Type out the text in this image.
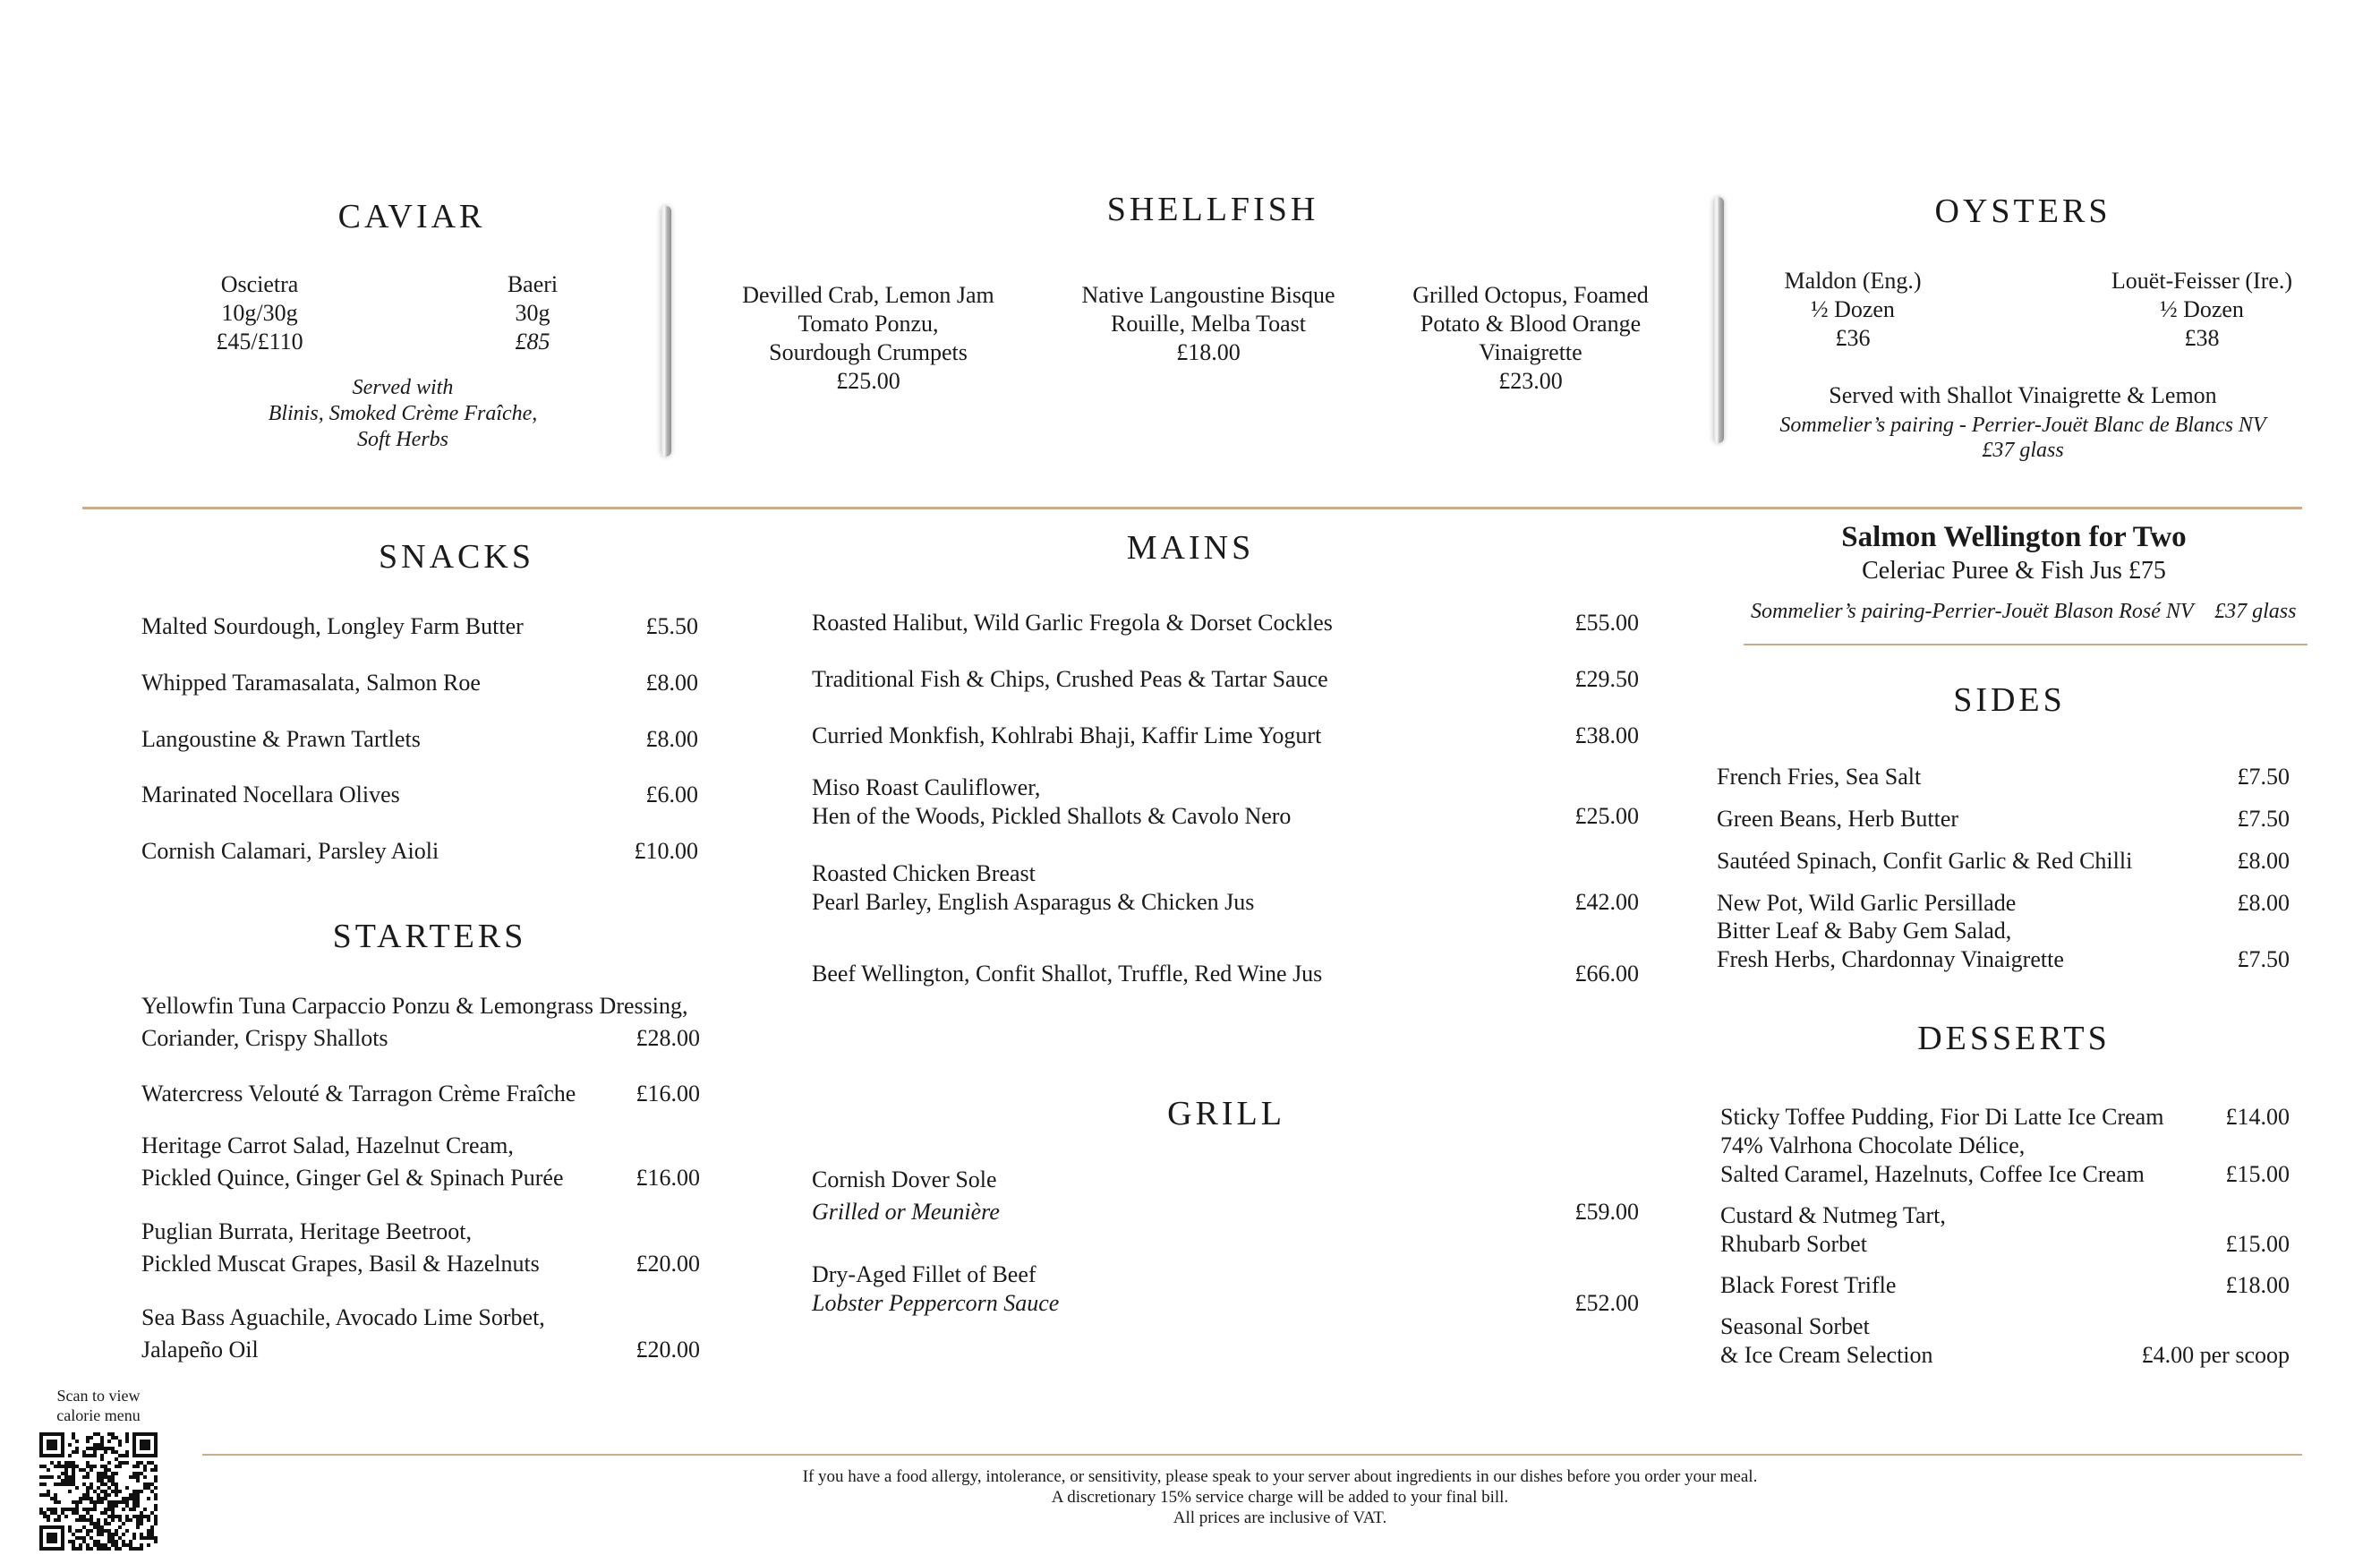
CAVIAR
Oscietra
10g/30g
£45/£110
Baeri
30g
£85
Served with
Blinis, Smoked Crème Fraîche,
Soft Herbs
SHELLFISH
Devilled Crab, Lemon Jam
Tomato Ponzu,
Sourdough Crumpets
£25.00
Native Langoustine Bisque
Rouille, Melba Toast
£18.00
Grilled Octopus, Foamed
Potato & Blood Orange
Vinaigrette
£23.00
OYSTERS
Maldon (Eng.)
½ Dozen
£36
Louët-Feisser (Ire.)
½ Dozen
£38
Served with Shallot Vinaigrette & Lemon
Sommelier’s pairing - Perrier-Jouët Blanc de Blancs NV
£37 glass
SNACKS
Malted Sourdough, Longley Farm Butter	£5.50
Whipped Taramasalata, Salmon Roe	£8.00
Langoustine & Prawn Tartlets	£8.00
Marinated Nocellara Olives	£6.00
Cornish Calamari, Parsley Aioli	£10.00
STARTERS
Yellowfin Tuna Carpaccio Ponzu & Lemongrass Dressing,
Coriander, Crispy Shallots	£28.00
Watercress Velouté & Tarragon Crème Fraîche	£16.00
Heritage Carrot Salad, Hazelnut Cream,
Pickled Quince, Ginger Gel & Spinach Purée	£16.00
Puglian Burrata, Heritage Beetroot,
Pickled Muscat Grapes, Basil & Hazelnuts	£20.00
Sea Bass Aguachile, Avocado Lime Sorbet,
Jalapeño Oil	£20.00
MAINS
Roasted Halibut, Wild Garlic Fregola & Dorset Cockles	£55.00
Traditional Fish & Chips, Crushed Peas & Tartar Sauce	£29.50
Curried Monkfish, Kohlrabi Bhaji, Kaffir Lime Yogurt	£38.00
Miso Roast Cauliflower,
Hen of the Woods, Pickled Shallots & Cavolo Nero	£25.00
Roasted Chicken Breast
Pearl Barley, English Asparagus & Chicken Jus	£42.00
Beef Wellington, Confit Shallot, Truffle, Red Wine Jus	£66.00
GRILL
Cornish Dover Sole
Grilled or Meunière	£59.00
Dry-Aged Fillet of Beef
Lobster Peppercorn Sauce	£52.00
Salmon Wellington for Two
Celeriac Puree & Fish Jus £75
Sommelier’s pairing-Perrier-Jouët Blason Rosé NV £37 glass
SIDES
French Fries, Sea Salt	£7.50
Green Beans, Herb Butter	£7.50
Sautéed Spinach, Confit Garlic & Red Chilli	£8.00
New Pot, Wild Garlic Persillade	£8.00
Bitter Leaf & Baby Gem Salad,
Fresh Herbs, Chardonnay Vinaigrette	£7.50
DESSERTS
Sticky Toffee Pudding, Fior Di Latte Ice Cream	£14.00
74% Valrhona Chocolate Délice,
Salted Caramel, Hazelnuts, Coffee Ice Cream	£15.00
Custard & Nutmeg Tart,
Rhubarb Sorbet	£15.00
Black Forest Trifle	£18.00
Seasonal Sorbet
& Ice Cream Selection	£4.00 per scoop
Scan to view
calorie menu
If you have a food allergy, intolerance, or sensitivity, please speak to your server about ingredients in our dishes before you order your meal.
A discretionary 15% service charge will be added to your final bill.
All prices are inclusive of VAT.
